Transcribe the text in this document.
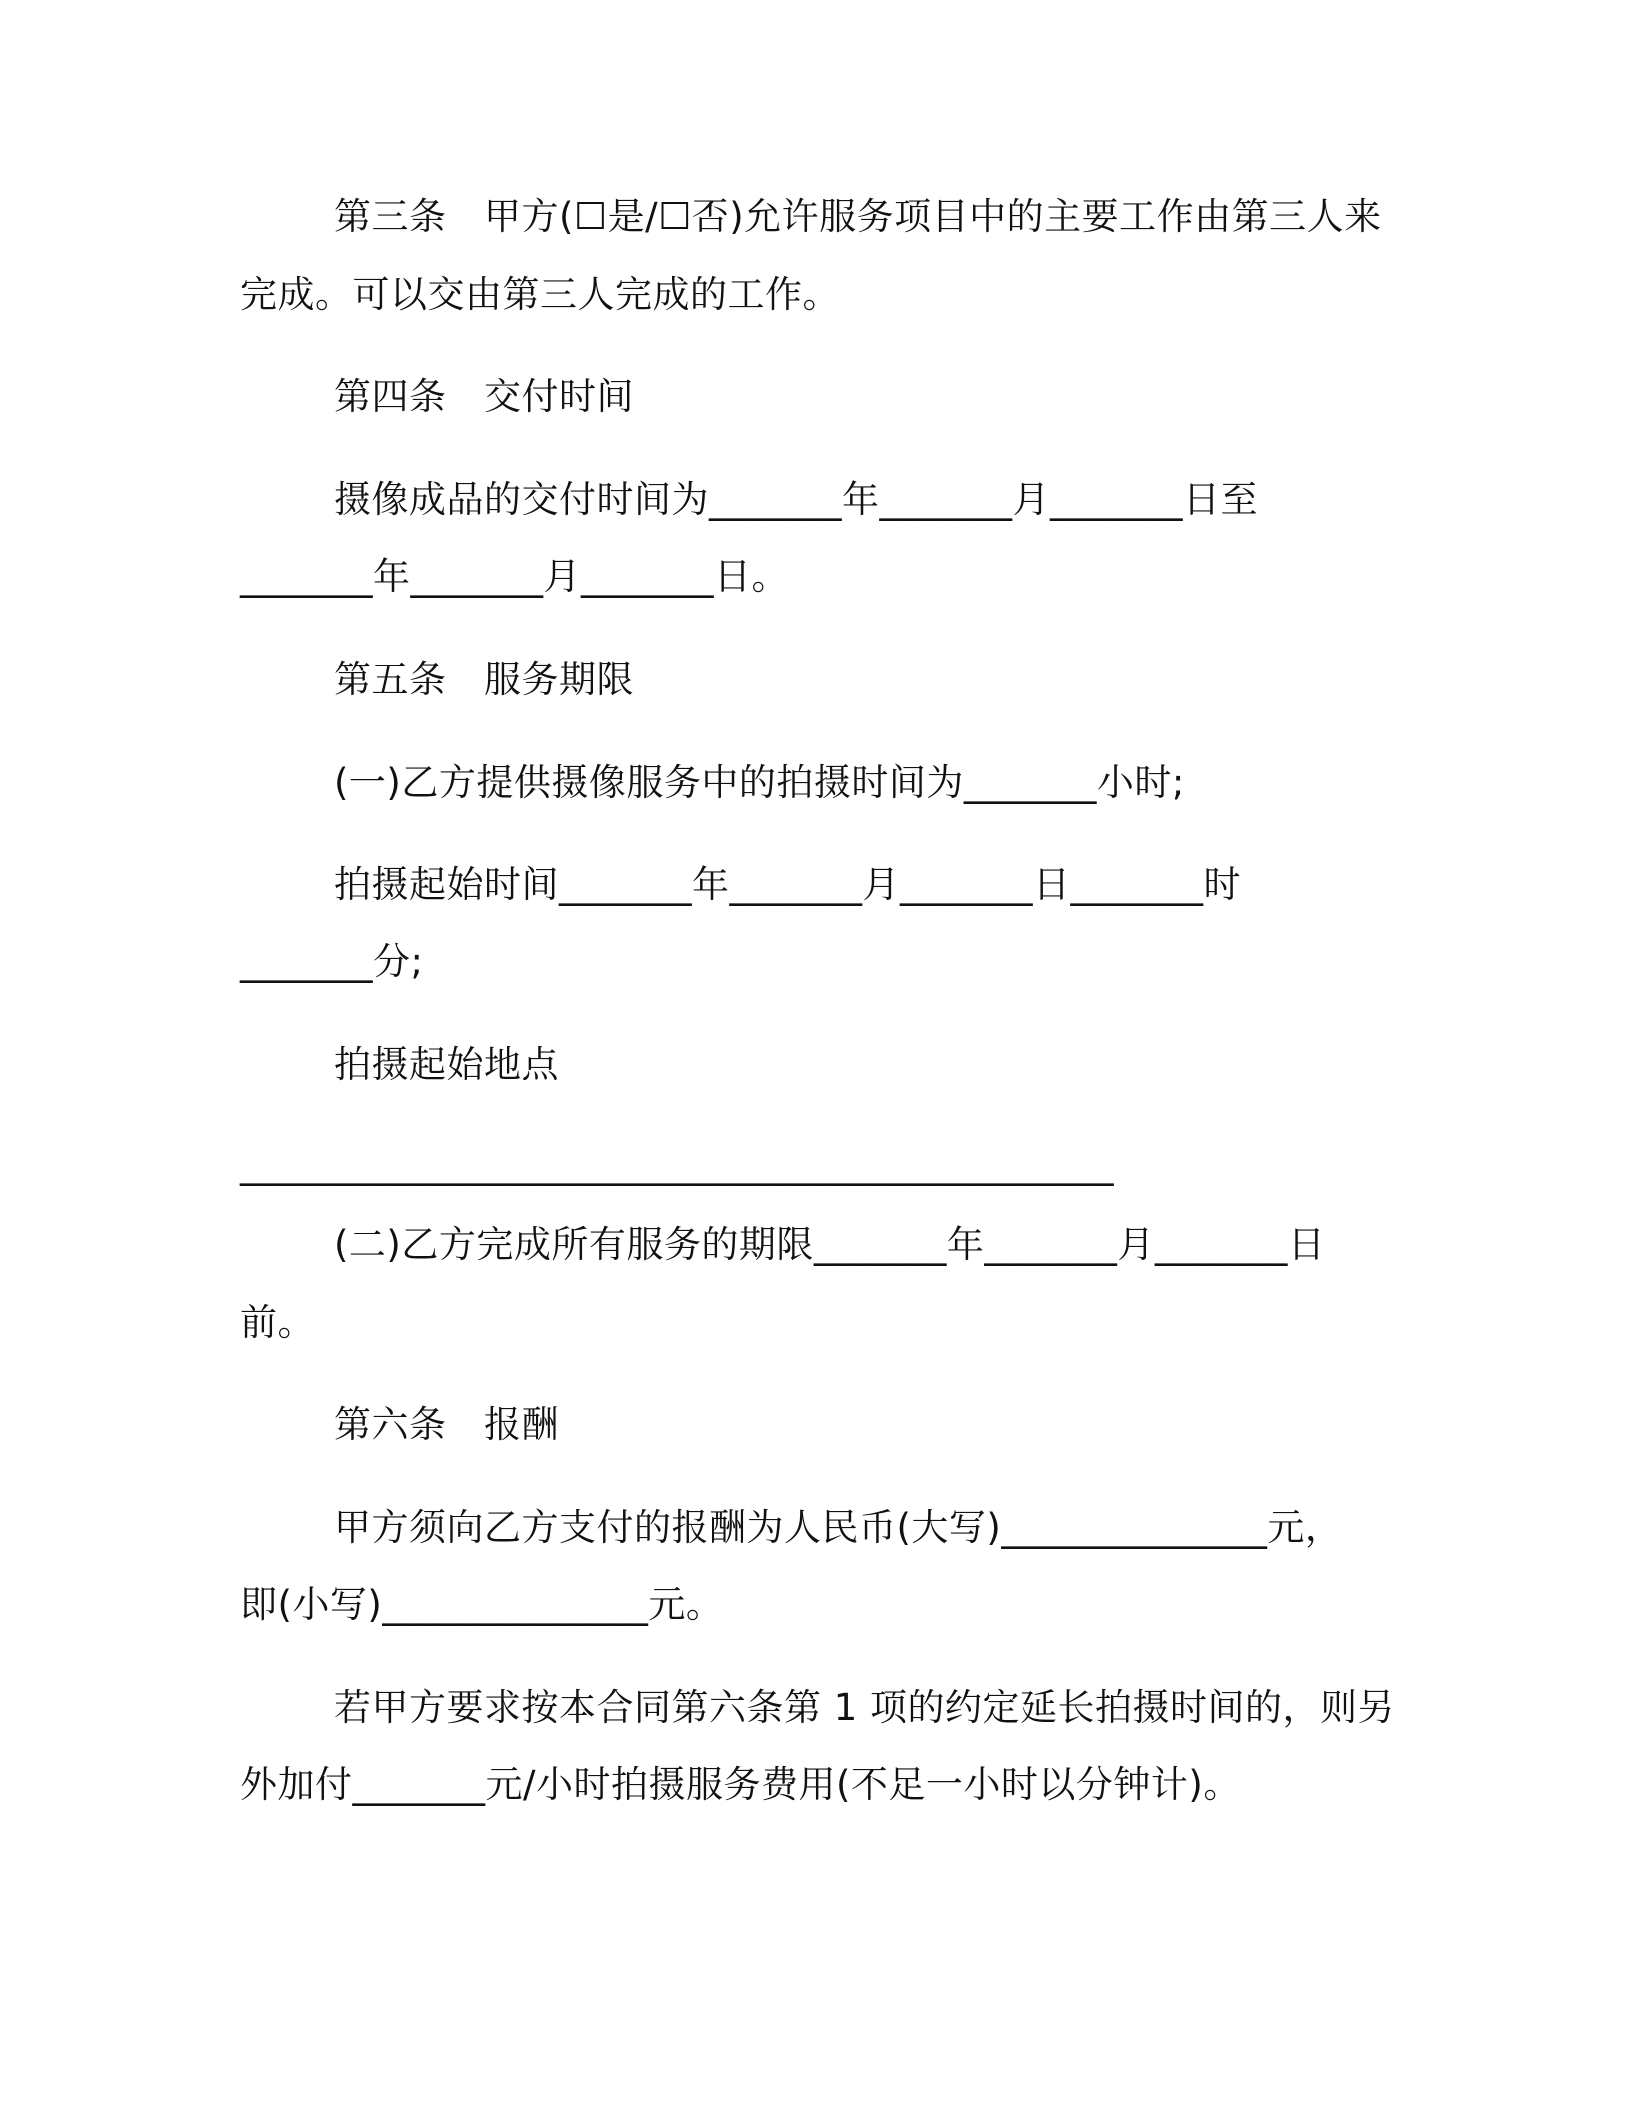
第三条　甲方(☐是/☐否)允许服务项目中的主要工作由第三人来
完成。可以交由第三人完成的工作。
第四条　交付时间
摄像成品的交付时间为_______年_______月_______日至
_______年_______月_______日。
第五条　服务期限
(一)乙方提供摄像服务中的拍摄时间为_______小时;
拍摄起始时间_______年_______月_______日_______时
_______分;
拍摄起始地点
______________________________________________
(二)乙方完成所有服务的期限_______年_______月_______日
前。
第六条　报酬
甲方须向乙方支付的报酬为人民币(大写)______________元，
即(小写)______________元。
若甲方要求按本合同第六条第 1 项的约定延长拍摄时间的，则另
外加付_______元/小时拍摄服务费用(不足一小时以分钟计)。
